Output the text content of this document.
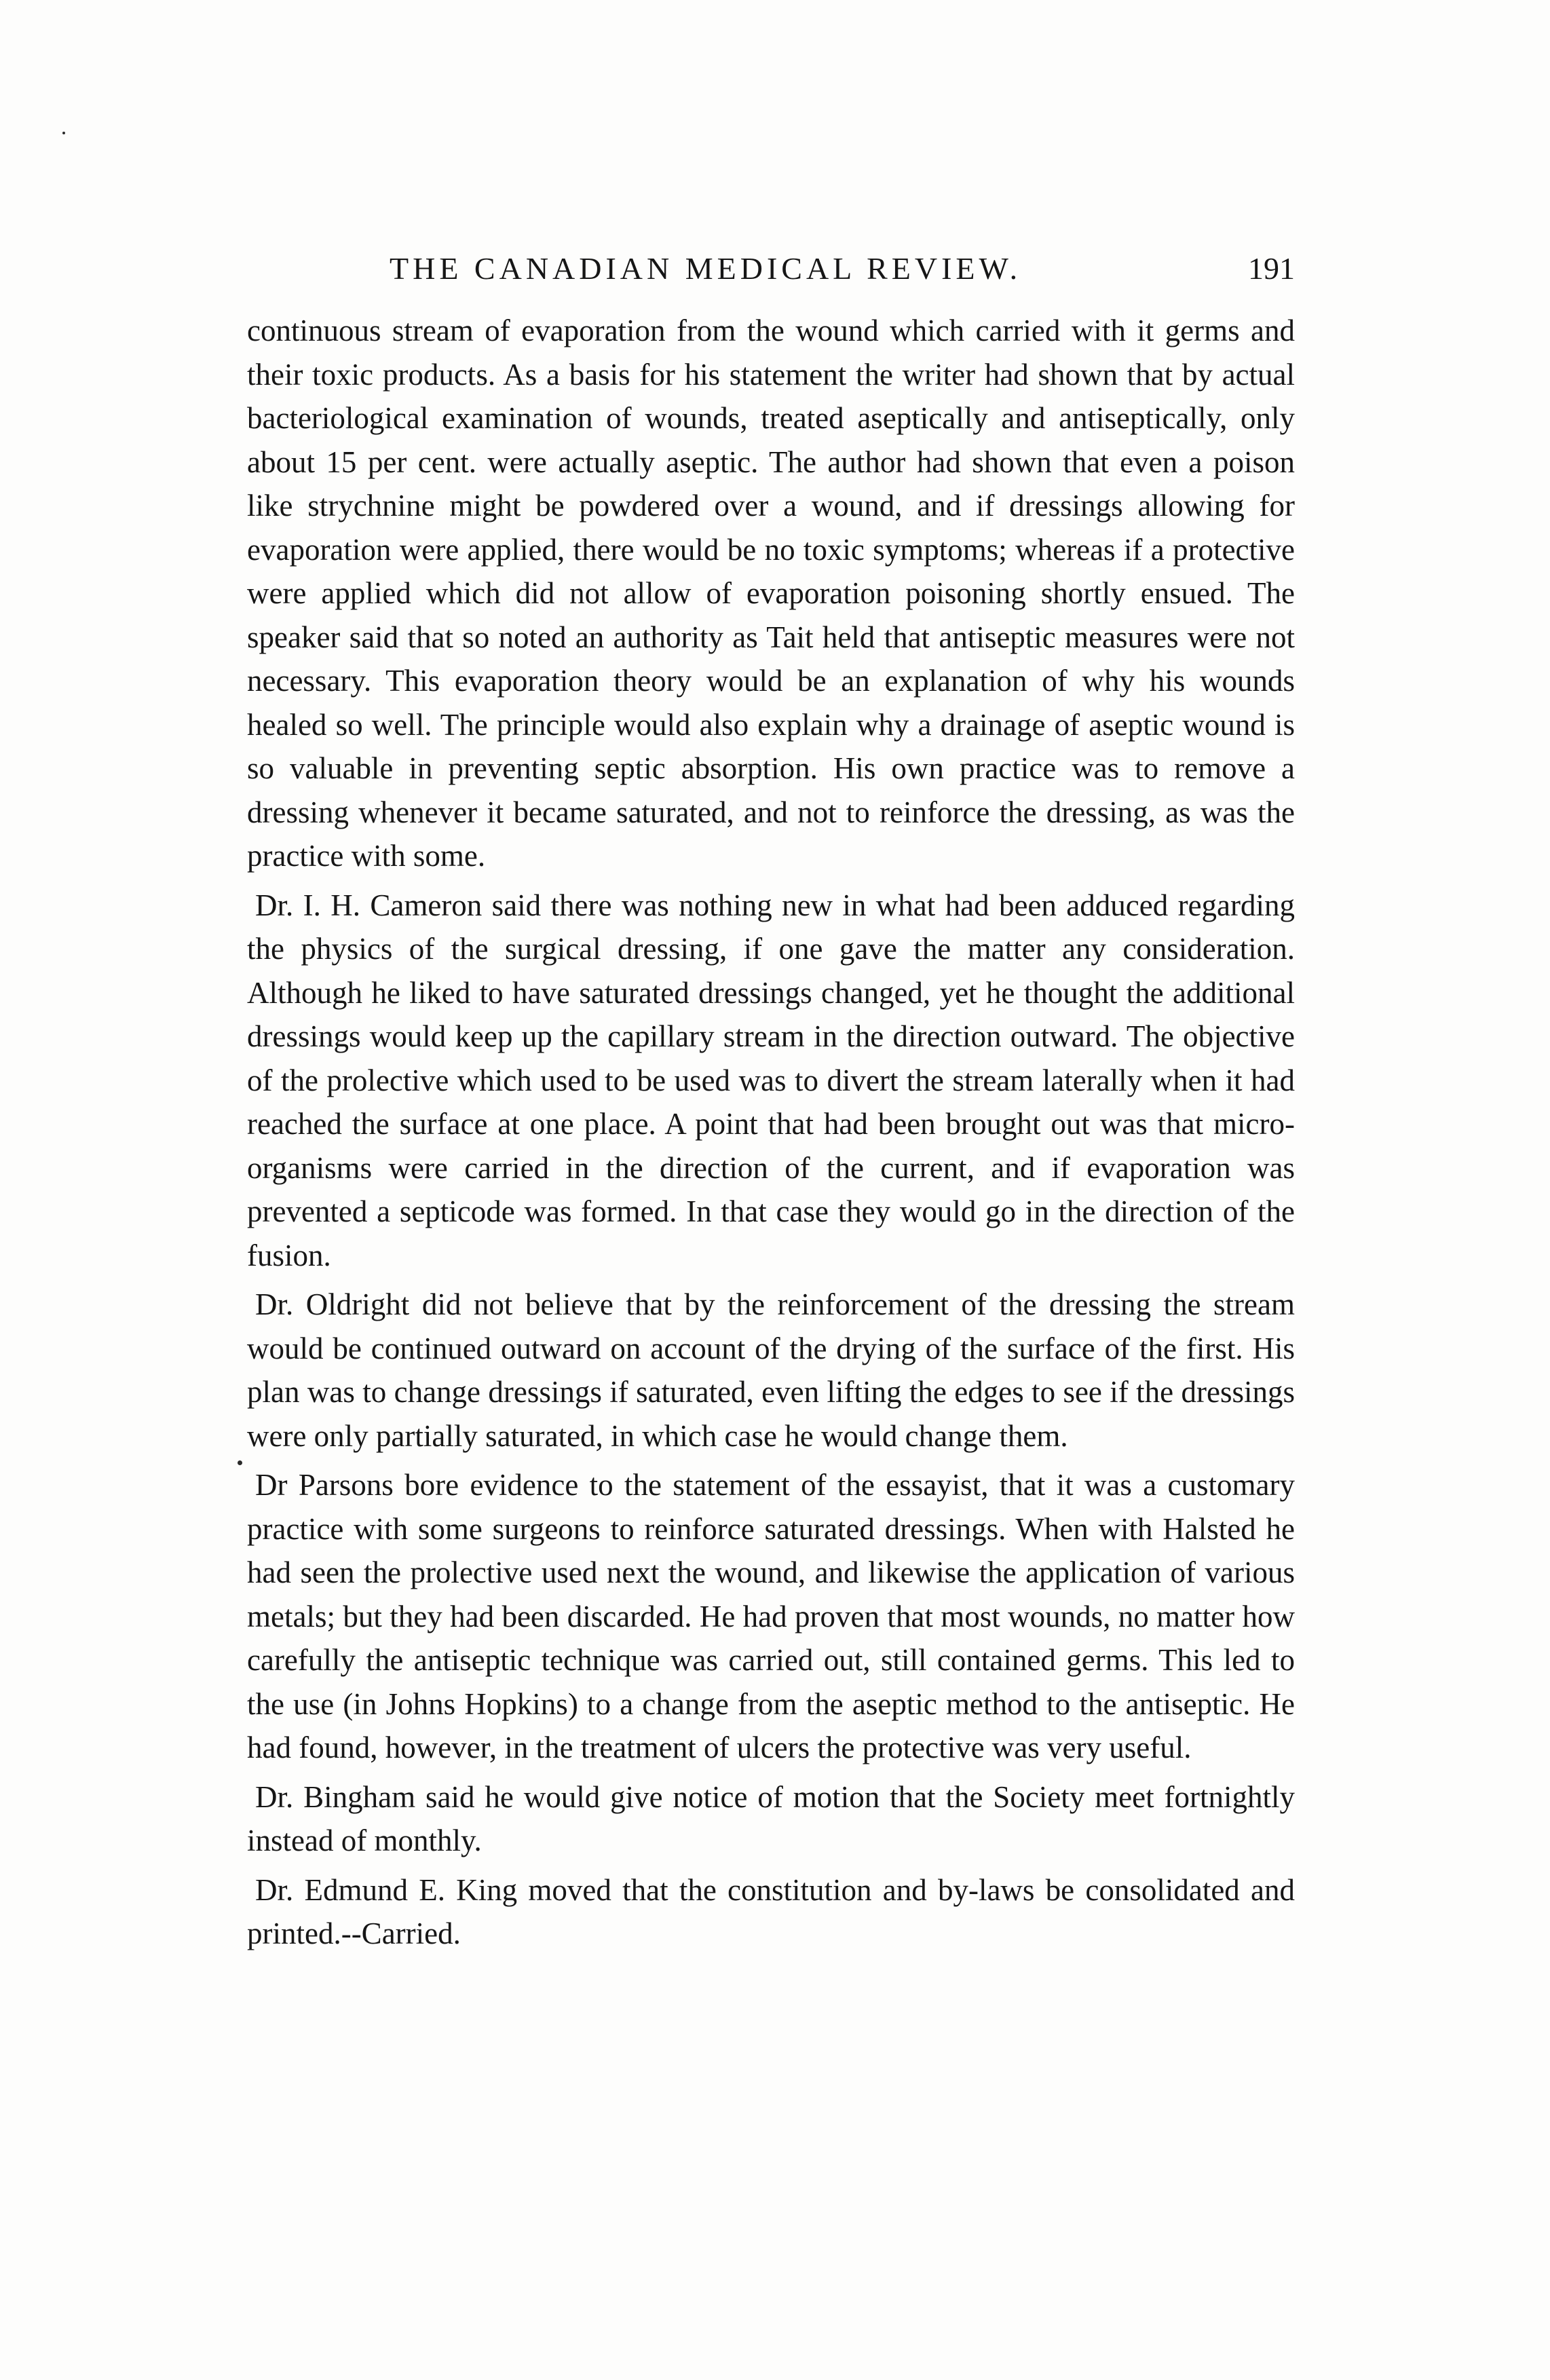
THE CANADIAN MEDICAL REVIEW.	191

continuous stream of evaporation from the wound which carried with it germs and their toxic products. As a basis for his statement the writer had shown that by actual bacteriological examination of wounds, treated aseptically and antiseptically, only about 15 per cent. were actually aseptic. The author had shown that even a poison like strychnine might be powdered over a wound, and if dressings allowing for evaporation were applied, there would be no toxic symptoms; whereas if a protective were applied which did not allow of evaporation poisoning shortly ensued. The speaker said that so noted an authority as Tait held that antiseptic measures were not necessary. This evaporation theory would be an explanation of why his wounds healed so well. The principle would also explain why a drainage of aseptic wound is so valuable in preventing septic absorption. His own practice was to remove a dressing whenever it became saturated, and not to reinforce the dressing, as was the practice with some.

Dr. I. H. Cameron said there was nothing new in what had been adduced regarding the physics of the surgical dressing, if one gave the matter any consideration. Although he liked to have saturated dressings changed, yet he thought the additional dressings would keep up the capillary stream in the direction outward. The objective of the prolective which used to be used was to divert the stream laterally when it had reached the surface at one place. A point that had been brought out was that micro-organisms were carried in the direction of the current, and if evaporation was prevented a septicode was formed. In that case they would go in the direction of the fusion.

Dr. Oldright did not believe that by the reinforcement of the dressing the stream would be continued outward on account of the drying of the surface of the first. His plan was to change dressings if saturated, even lifting the edges to see if the dressings were only partially saturated, in which case he would change them.

Dr Parsons bore evidence to the statement of the essayist, that it was a customary practice with some surgeons to reinforce saturated dressings. When with Halsted he had seen the prolective used next the wound, and likewise the application of various metals; but they had been discarded. He had proven that most wounds, no matter how carefully the antiseptic technique was carried out, still contained germs. This led to the use (in Johns Hopkins) to a change from the aseptic method to the antiseptic. He had found, however, in the treatment of ulcers the protective was very useful.

Dr. Bingham said he would give notice of motion that the Society meet fortnightly instead of monthly.

Dr. Edmund E. King moved that the constitution and by-laws be consolidated and printed.--Carried.
